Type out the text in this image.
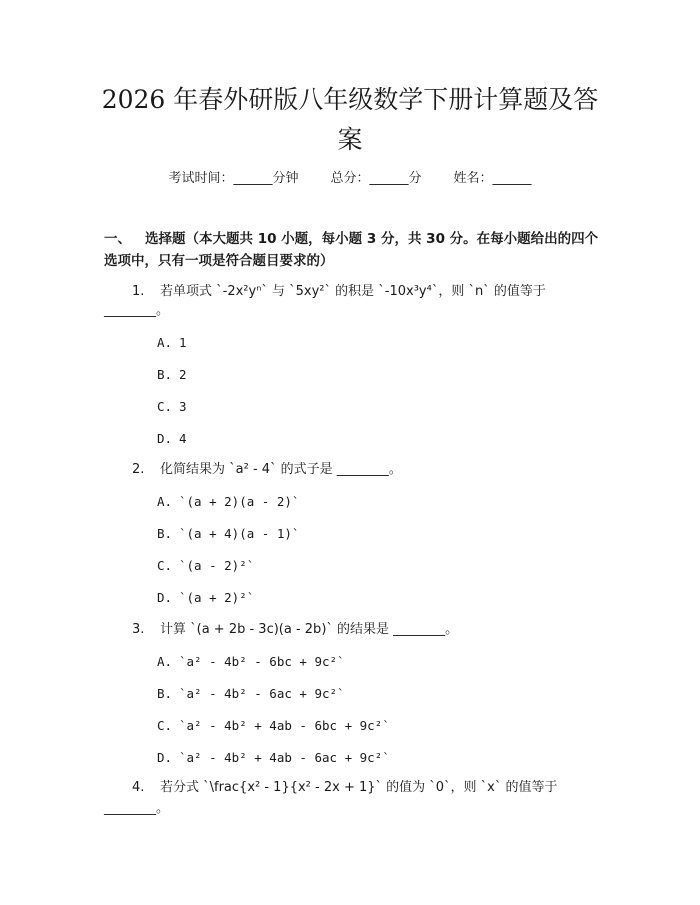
2026 年春外研版八年级数学下册计算题及答案
考试时间：______分钟 总分：______分 姓名：______
一、 选择题（本大题共 10 小题，每小题 3 分，共 30 分。在每小题给出的四个选项中，只有一项是符合题目要求的）
1. 若单项式 `-2x²yⁿ` 与 `5xy²` 的积是 `-10x³y⁴`，则 `n` 的值等于
________。
A. 1
B. 2
C. 3
D. 4
2. 化简结果为 `a² - 4` 的式子是 ________。
A. `(a + 2)(a - 2)`
B. `(a + 4)(a - 1)`
C. `(a - 2)²`
D. `(a + 2)²`
3. 计算 `(a + 2b - 3c)(a - 2b)` 的结果是 ________。
A. `a² - 4b² - 6bc + 9c²`
B. `a² - 4b² - 6ac + 9c²`
C. `a² - 4b² + 4ab - 6bc + 9c²`
D. `a² - 4b² + 4ab - 6ac + 9c²`
4. 若分式 `\frac{x² - 1}{x² - 2x + 1}` 的值为 `0`，则 `x` 的值等于
________。
